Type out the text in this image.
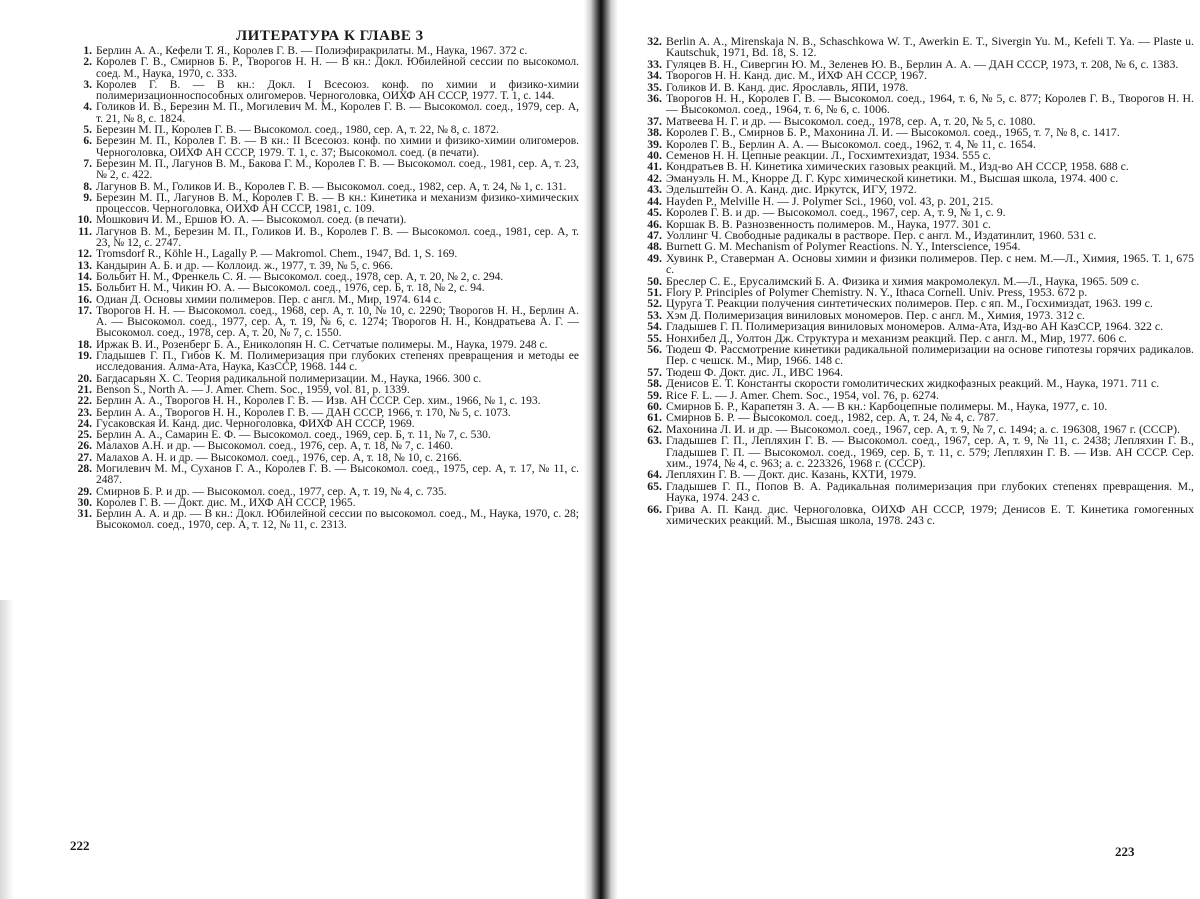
ЛИТЕРАТУРА К ГЛАВЕ 3
1. Берлин А. А., Кефели Т. Я., Королев Г. В. — Полиэфиракрилаты. М., Наука, 1967. 372 с.
2. Королев Г. В., Смирнов Б. Р., Творогов Н. Н. — В кн.: Докл. Юбилейной сессии по высокомол. соед. М., Наука, 1970, с. 333.
3. Королев Г. В. — В кн.: Докл. I Всесоюз. конф. по химии и физико-химии полимеризационноспособных олигомеров. Черноголовка, ОИХФ АН СССР, 1977. Т. 1, с. 144.
4. Голиков И. В., Березин М. П., Могилевич М. М., Королев Г. В. — Высокомол. соед., 1979, сер. А, т. 21, № 8, с. 1824.
5. Березин М. П., Королев Г. В. — Высокомол. соед., 1980, сер. А, т. 22, № 8, с. 1872.
6. Березин М. П., Королев Г. В. — В кн.: II Всесоюз. конф. по химии и физико-химии олигомеров. Черноголовка, ОИХФ АН СССР, 1979. Т. 1, с. 37; Высокомол. соед. (в печати).
7. Березин М. П., Лагунов В. М., Бакова Г. М., Королев Г. В. — Высокомол. соед., 1981, сер. А, т. 23, № 2, с. 422.
8. Лагунов В. М., Голиков И. В., Королев Г. В. — Высокомол. соед., 1982, сер. А, т. 24, № 1, с. 131.
9. Березин М. П., Лагунов В. М., Королев Г. В. — В кн.: Кинетика и механизм физико-химических процессов. Черноголовка, ОИХФ АН СССР, 1981, с. 109.
10. Мошкович И. М., Ершов Ю. А. — Высокомол. соед. (в печати).
11. Лагунов В. М., Березин М. П., Голиков И. В., Королев Г. В. — Высокомол. соед., 1981, сер. А, т. 23, № 12, с. 2747.
12. Tromsdorf R., Köhle H., Lagally P. — Makromol. Chem., 1947, Bd. 1, S. 169.
13. Кандырин А. Б. и др. — Коллоид. ж., 1977, т. 39, № 5, с. 966.
14. Больбит Н. М., Френкель С. Я. — Высокомол. соед., 1978, сер. А, т. 20, № 2, с. 294.
15. Больбит Н. М., Чикин Ю. А. — Высокомол. соед., 1976, сер. Б, т. 18, № 2, с. 94.
16. Одиан Д. Основы химии полимеров. Пер. с англ. М., Мир, 1974. 614 с.
17. Творогов Н. Н. — Высокомол. соед., 1968, сер. А, т. 10, № 10, с. 2290; Творогов Н. Н., Берлин А. А. — Высокомол. соед., 1977, сер. А, т. 19, № 6, с. 1274; Творогов Н. Н., Кондратьева А. Г. — Высокомол. соед., 1978, сер. А, т. 20, № 7, с. 1550.
18. Иржак В. И., Розенберг Б. А., Ениколопян Н. С. Сетчатые полимеры. М., Наука, 1979. 248 с.
19. Гладышев Г. П., Гибов К. М. Полимеризация при глубоких степенях превращения и методы ее исследования. Алма-Ата, Наука, КазССР, 1968. 144 с.
20. Багдасарьян Х. С. Теория радикальной полимеризации. М., Наука, 1966. 300 с.
21. Benson S., North A. — J. Amer. Chem. Soc., 1959, vol. 81, p. 1339.
22. Берлин А. А., Творогов Н. Н., Королев Г. В. — Изв. АН СССР. Сер. хим., 1966, № 1, с. 193.
23. Берлин А. А., Творогов Н. Н., Королев Г. В. — ДАН СССР, 1966, т. 170, № 5, с. 1073.
24. Гусаковская И. Канд. дис. Черноголовка, ФИХФ АН СССР, 1969.
25. Берлин А. А., Самарин Е. Ф. — Высокомол. соед., 1969, сер. Б, т. 11, № 7, с. 530.
26. Малахов А.Н. и др. — Высокомол. соед., 1976, сер. А, т. 18, № 7, с. 1460.
27. Малахов А. Н. и др. — Высокомол. соед., 1976, сер. А, т. 18, № 10, с. 2166.
28. Могилевич М. М., Суханов Г. А., Королев Г. В. — Высокомол. соед., 1975, сер. А, т. 17, № 11, с. 2487.
29. Смирнов Б. Р. и др. — Высокомол. соед., 1977, сер. А, т. 19, № 4, с. 735.
30. Королев Г. В. — Докт. дис. М., ИХФ АН СССР, 1965.
31. Берлин А. А. и др. — В кн.: Докл. Юбилейной сессии по высокомол. соед., М., Наука, 1970, с. 28; Высокомол. соед., 1970, сер. А, т. 12, № 11, с. 2313.
222
32. Berlin A. A., Mirenskaja N. B., Schaschkowa W. T., Awerkin E. T., Sivergin Yu. M., Kefeli T. Ya. — Plaste u. Kautschuk, 1971, Bd. 18, S. 12.
33. Гуляцев В. Н., Сивергин Ю. М., Зеленев Ю. В., Берлин А. А. — ДАН СССР, 1973, т. 208, № 6, с. 1383.
34. Творогов Н. Н. Канд. дис. М., ИХФ АН СССР, 1967.
35. Голиков И. В. Канд. дис. Ярославль, ЯПИ, 1978.
36. Творогов Н. Н., Королев Г. В. — Высокомол. соед., 1964, т. 6, № 5, с. 877; Королев Г. В., Творогов Н. Н. — Высокомол. соед., 1964, т. 6, № 6, с. 1006.
37. Матвеева Н. Г. и др. — Высокомол. соед., 1978, сер. А, т. 20, № 5, с. 1080.
38. Королев Г. В., Смирнов Б. Р., Махонина Л. И. — Высокомол. соед., 1965, т. 7, № 8, с. 1417.
39. Королев Г. В., Берлин А. А. — Высокомол. соед., 1962, т. 4, № 11, с. 1654.
40. Семенов Н. Н. Цепные реакции. Л., Госхимтехиздат, 1934. 555 с.
41. Кондратьев В. Н. Кинетика химических газовых реакций. М., Изд-во АН СССР, 1958. 688 с.
42. Эмануэль Н. М., Кнорре Д. Г. Курс химической кинетики. М., Высшая школа, 1974. 400 с.
43. Эдельштейн О. А. Канд. дис. Иркутск, ИГУ, 1972.
44. Hayden P., Melville H. — J. Polymer Sci., 1960, vol. 43, p. 201, 215.
45. Королев Г. В. и др. — Высокомол. соед., 1967, сер. А, т. 9, № 1, с. 9.
46. Коршак В. В. Разнозвенность полимеров. М., Наука, 1977. 301 с.
47. Уоллинг Ч. Свободные радикалы в растворе. Пер. с англ. М., Издатинлит, 1960. 531 с.
48. Burnett G. M. Mechanism of Polymer Reactions. N. Y., Interscience, 1954.
49. Хувинк Р., Ставерман А. Основы химии и физики полимеров. Пер. с нем. М.—Л., Химия, 1965. Т. 1, 675 с.
50. Бреслер С. Е., Ерусалимский Б. А. Физика и химия макромолекул. М.—Л., Наука, 1965. 509 с.
51. Flory P. Principles of Polymer Chemistry. N. Y., Ithaca Cornell. Univ. Press, 1953. 672 p.
52. Цуруга Т. Реакции получения синтетических полимеров. Пер. с яп. М., Госхимиздат, 1963. 199 с.
53. Хэм Д. Полимеризация виниловых мономеров. Пер. с англ. М., Химия, 1973. 312 с.
54. Гладышев Г. П. Полимеризация виниловых мономеров. Алма-Ата, Изд-во АН КазССР, 1964. 322 с.
55. Нонхибел Д., Уолтон Дж. Структура и механизм реакций. Пер. с англ. М., Мир, 1977. 606 с.
56. Тюдеш Ф. Рассмотрение кинетики радикальной полимеризации на основе гипотезы горячих радикалов. Пер. с чешск. М., Мир, 1966. 148 с.
57. Тюдеш Ф. Докт. дис. Л., ИВС 1964.
58. Денисов Е. Т. Константы скорости гомолитических жидкофазных реакций. М., Наука, 1971. 711 с.
59. Rice F. L. — J. Amer. Chem. Soc., 1954, vol. 76, p. 6274.
60. Смирнов Б. Р., Карапетян З. А. — В кн.: Карбоцепные полимеры. М., Наука, 1977, с. 10.
61. Смирнов Б. Р. — Высокомол. соед., 1982, сер. А, т. 24, № 4, с. 787.
62. Махонина Л. И. и др. — Высокомол. соед., 1967, сер. А, т. 9, № 7, с. 1494; а. с. 196308, 1967 г. (СССР).
63. Гладышев Г. П., Лепляхин Г. В. — Высокомол. соед., 1967, сер. А, т. 9, № 11, с. 2438; Лепляхин Г. В., Гладышев Г. П. — Высокомол. соед., 1969, сер. Б, т. 11, с. 579; Лепляхин Г. В. — Изв. АН СССР. Сер. хим., 1974, № 4, с. 963; а. с. 223326, 1968 г. (СССР).
64. Лепляхин Г. В. — Докт. дис. Казань, КХТИ, 1979.
65. Гладышев Г. П., Попов В. А. Радикальная полимеризация при глубоких степенях превращения. М., Наука, 1974. 243 с.
66. Грива А. П. Канд. дис. Черноголовка, ОИХФ АН СССР, 1979; Денисов Е. Т. Кинетика гомогенных химических реакций. М., Высшая школа, 1978. 243 с.
223
